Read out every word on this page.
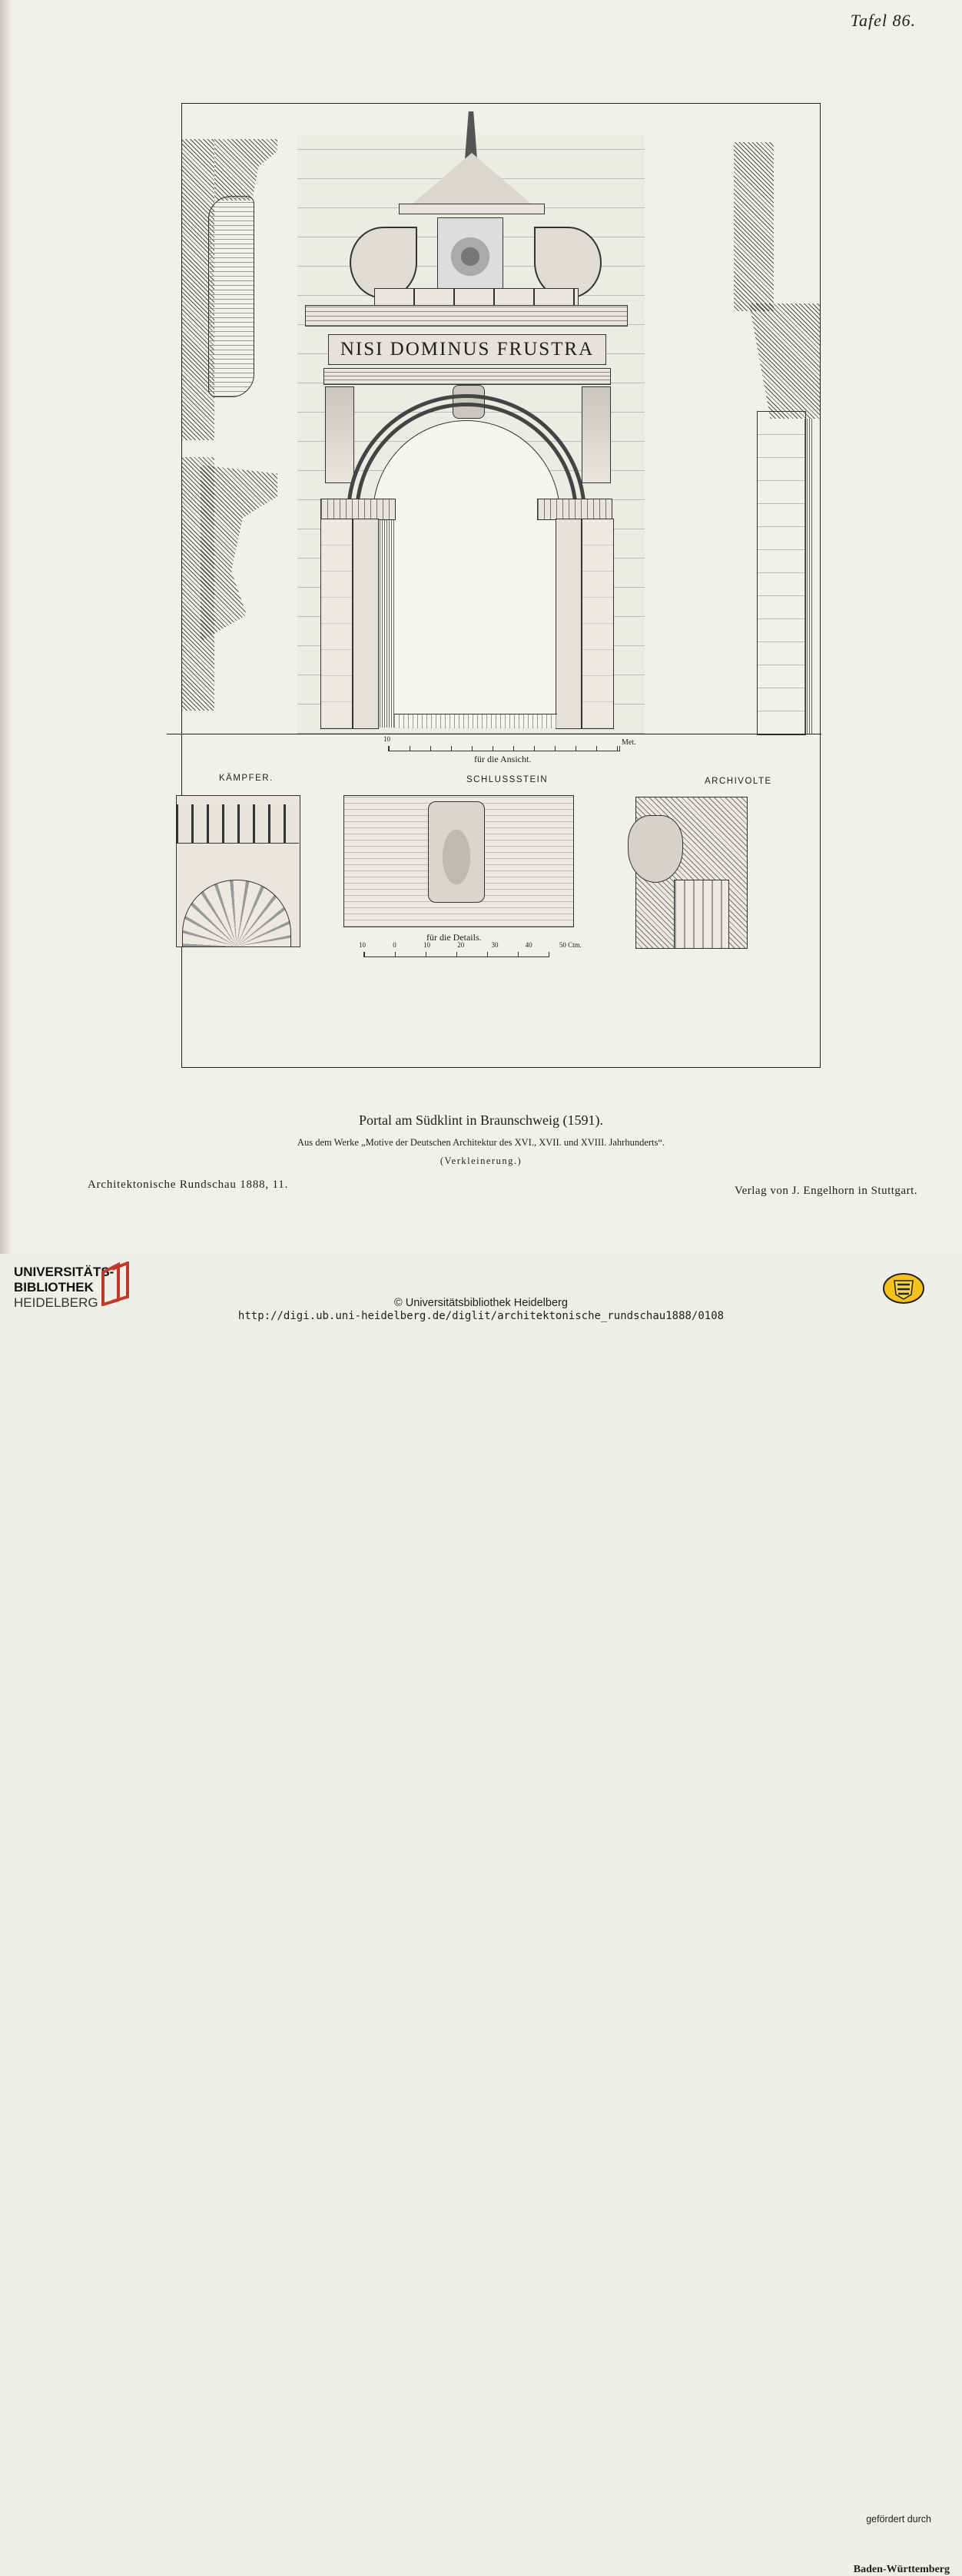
Tafel 86.
NISI DOMINUS FRUSTRA
10	Met.
für die Ansicht.
KÄMPFER.	SCHLUSSSTEIN	ARCHIVOLTE
für die Details.
10	0	10	20	30	40	50 Ctm.
Portal am Südklint in Braunschweig (1591).
Aus dem Werke „Motive der Deutschen Architektur des XVI., XVII. und XVIII. Jahrhunderts“.
(Verkleinerung.)
Architektonische Rundschau 1888, 11.	Verlag von J. Engelhorn in Stuttgart.
UNIVERSITÄTS-
BIBLIOTHEK
HEIDELBERG
gefördert durch
Baden-Württemberg
© Universitätsbibliothek Heidelberg
http://digi.ub.uni-heidelberg.de/diglit/architektonische_rundschau1888/0108
